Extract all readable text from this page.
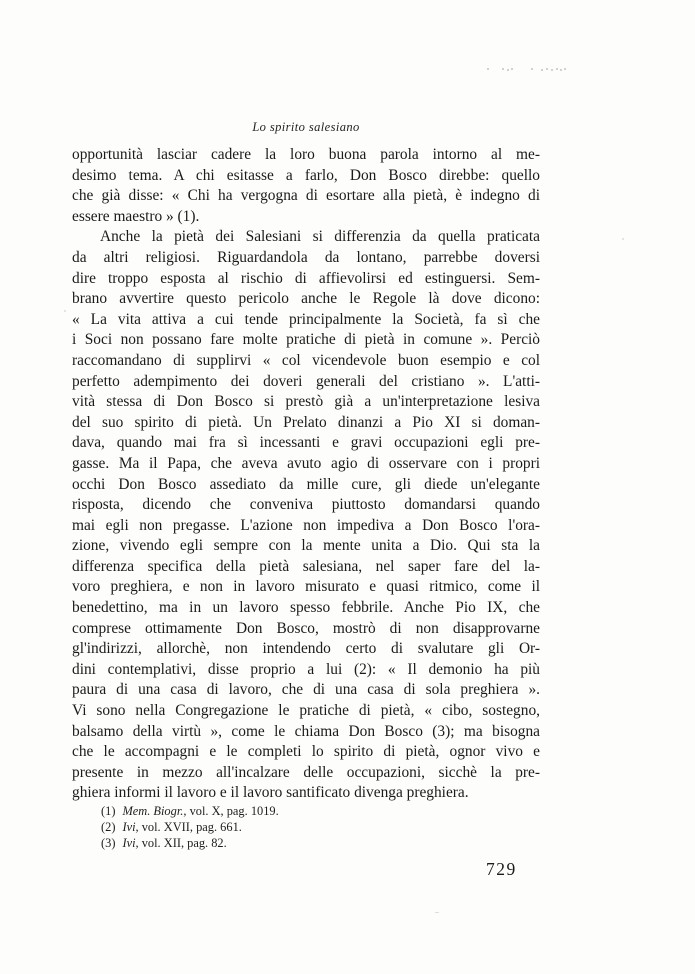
Lo spirito salesiano
opportunità lasciar cadere la loro buona parola intorno al me-
desimo tema. A chi esitasse a farlo, Don Bosco direbbe: quello
che già disse: « Chi ha vergogna di esortare alla pietà, è indegno di
essere maestro » (1).
Anche la pietà dei Salesiani si differenzia da quella praticata
da altri religiosi. Riguardandola da lontano, parrebbe doversi
dire troppo esposta al rischio di affievolirsi ed estinguersi. Sem-
brano avvertire questo pericolo anche le Regole là dove dicono:
« La vita attiva a cui tende principalmente la Società, fa sì che
i Soci non possano fare molte pratiche di pietà in comune ». Perciò
raccomandano di supplirvi « col vicendevole buon esempio e col
perfetto adempimento dei doveri generali del cristiano ». L'atti-
vità stessa di Don Bosco si prestò già a un'interpretazione lesiva
del suo spirito di pietà. Un Prelato dinanzi a Pio XI si doman-
dava, quando mai fra sì incessanti e gravi occupazioni egli pre-
gasse. Ma il Papa, che aveva avuto agio di osservare con i propri
occhi Don Bosco assediato da mille cure, gli diede un'elegante
risposta, dicendo che conveniva piuttosto domandarsi quando
mai egli non pregasse. L'azione non impediva a Don Bosco l'ora-
zione, vivendo egli sempre con la mente unita a Dio. Qui sta la
differenza specifica della pietà salesiana, nel saper fare del la-
voro preghiera, e non in lavoro misurato e quasi ritmico, come il
benedettino, ma in un lavoro spesso febbrile. Anche Pio IX, che
comprese ottimamente Don Bosco, mostrò di non disapprovarne
gl'indirizzi, allorchè, non intendendo certo di svalutare gli Or-
dini contemplativi, disse proprio a lui (2): « Il demonio ha più
paura di una casa di lavoro, che di una casa di sola preghiera ».
Vi sono nella Congregazione le pratiche di pietà, « cibo, sostegno,
balsamo della virtù », come le chiama Don Bosco (3); ma bisogna
che le accompagni e le completi lo spirito di pietà, ognor vivo e
presente in mezzo all'incalzare delle occupazioni, sicchè la pre-
ghiera informi il lavoro e il lavoro santificato divenga preghiera.
(1) Mem. Biogr., vol. X, pag. 1019.
(2) Ivi, vol. XVII, pag. 661.
(3) Ivi, vol. XII, pag. 82.
729
